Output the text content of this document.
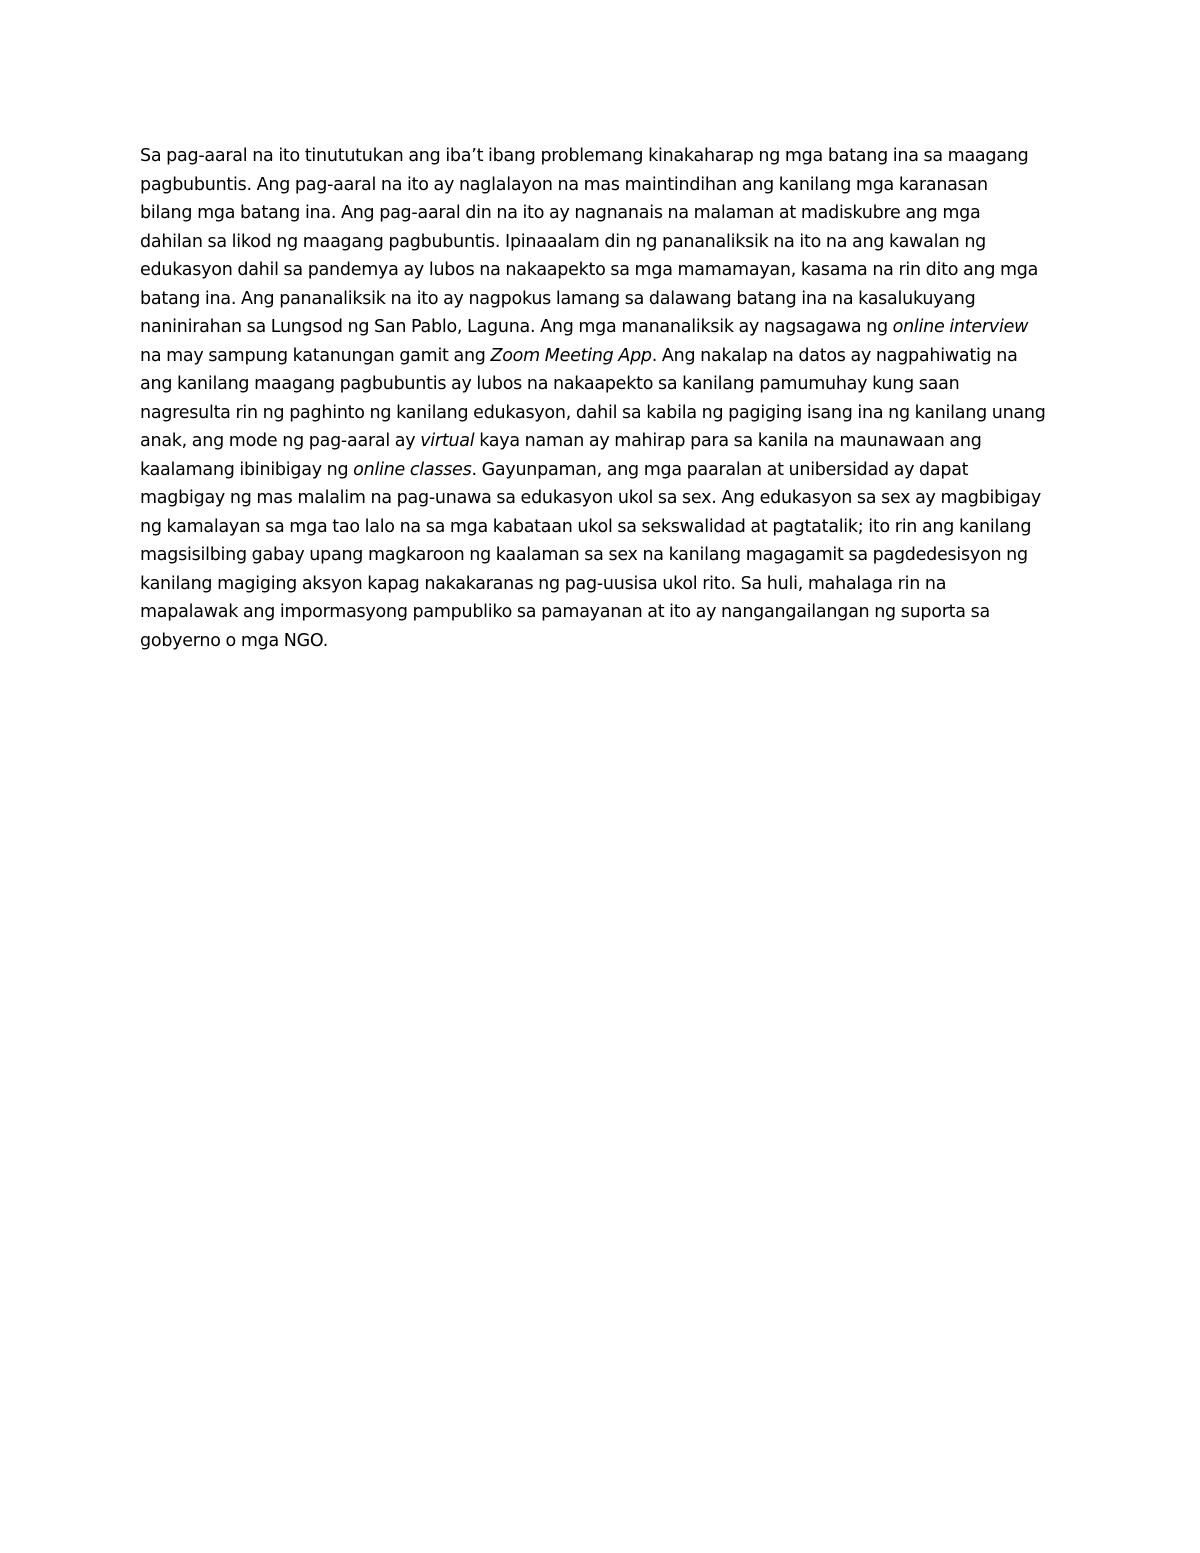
Sa pag-aaral na ito tinututukan ang iba’t ibang problemang kinakaharap ng mga batang ina sa maagang
pagbubuntis. Ang pag-aaral na ito ay naglalayon na mas maintindihan ang kanilang mga karanasan
bilang mga batang ina. Ang pag-aaral din na ito ay nagnanais na malaman at madiskubre ang mga
dahilan sa likod ng maagang pagbubuntis. Ipinaaalam din ng pananaliksik na ito na ang kawalan ng
edukasyon dahil sa pandemya ay lubos na nakaapekto sa mga mamamayan, kasama na rin dito ang mga
batang ina. Ang pananaliksik na ito ay nagpokus lamang sa dalawang batang ina na kasalukuyang
naninirahan sa Lungsod ng San Pablo, Laguna. Ang mga mananaliksik ay nagsagawa ng online interview
na may sampung katanungan gamit ang Zoom Meeting App. Ang nakalap na datos ay nagpahiwatig na
ang kanilang maagang pagbubuntis ay lubos na nakaapekto sa kanilang pamumuhay kung saan
nagresulta rin ng paghinto ng kanilang edukasyon, dahil sa kabila ng pagiging isang ina ng kanilang unang
anak, ang mode ng pag-aaral ay virtual kaya naman ay mahirap para sa kanila na maunawaan ang
kaalamang ibinibigay ng online classes. Gayunpaman, ang mga paaralan at unibersidad ay dapat
magbigay ng mas malalim na pag-unawa sa edukasyon ukol sa sex. Ang edukasyon sa sex ay magbibigay
ng kamalayan sa mga tao lalo na sa mga kabataan ukol sa sekswalidad at pagtatalik; ito rin ang kanilang
magsisilbing gabay upang magkaroon ng kaalaman sa sex na kanilang magagamit sa pagdedesisyon ng
kanilang magiging aksyon kapag nakakaranas ng pag-uusisa ukol rito. Sa huli, mahalaga rin na
mapalawak ang impormasyong pampubliko sa pamayanan at ito ay nangangailangan ng suporta sa
gobyerno o mga NGO.
